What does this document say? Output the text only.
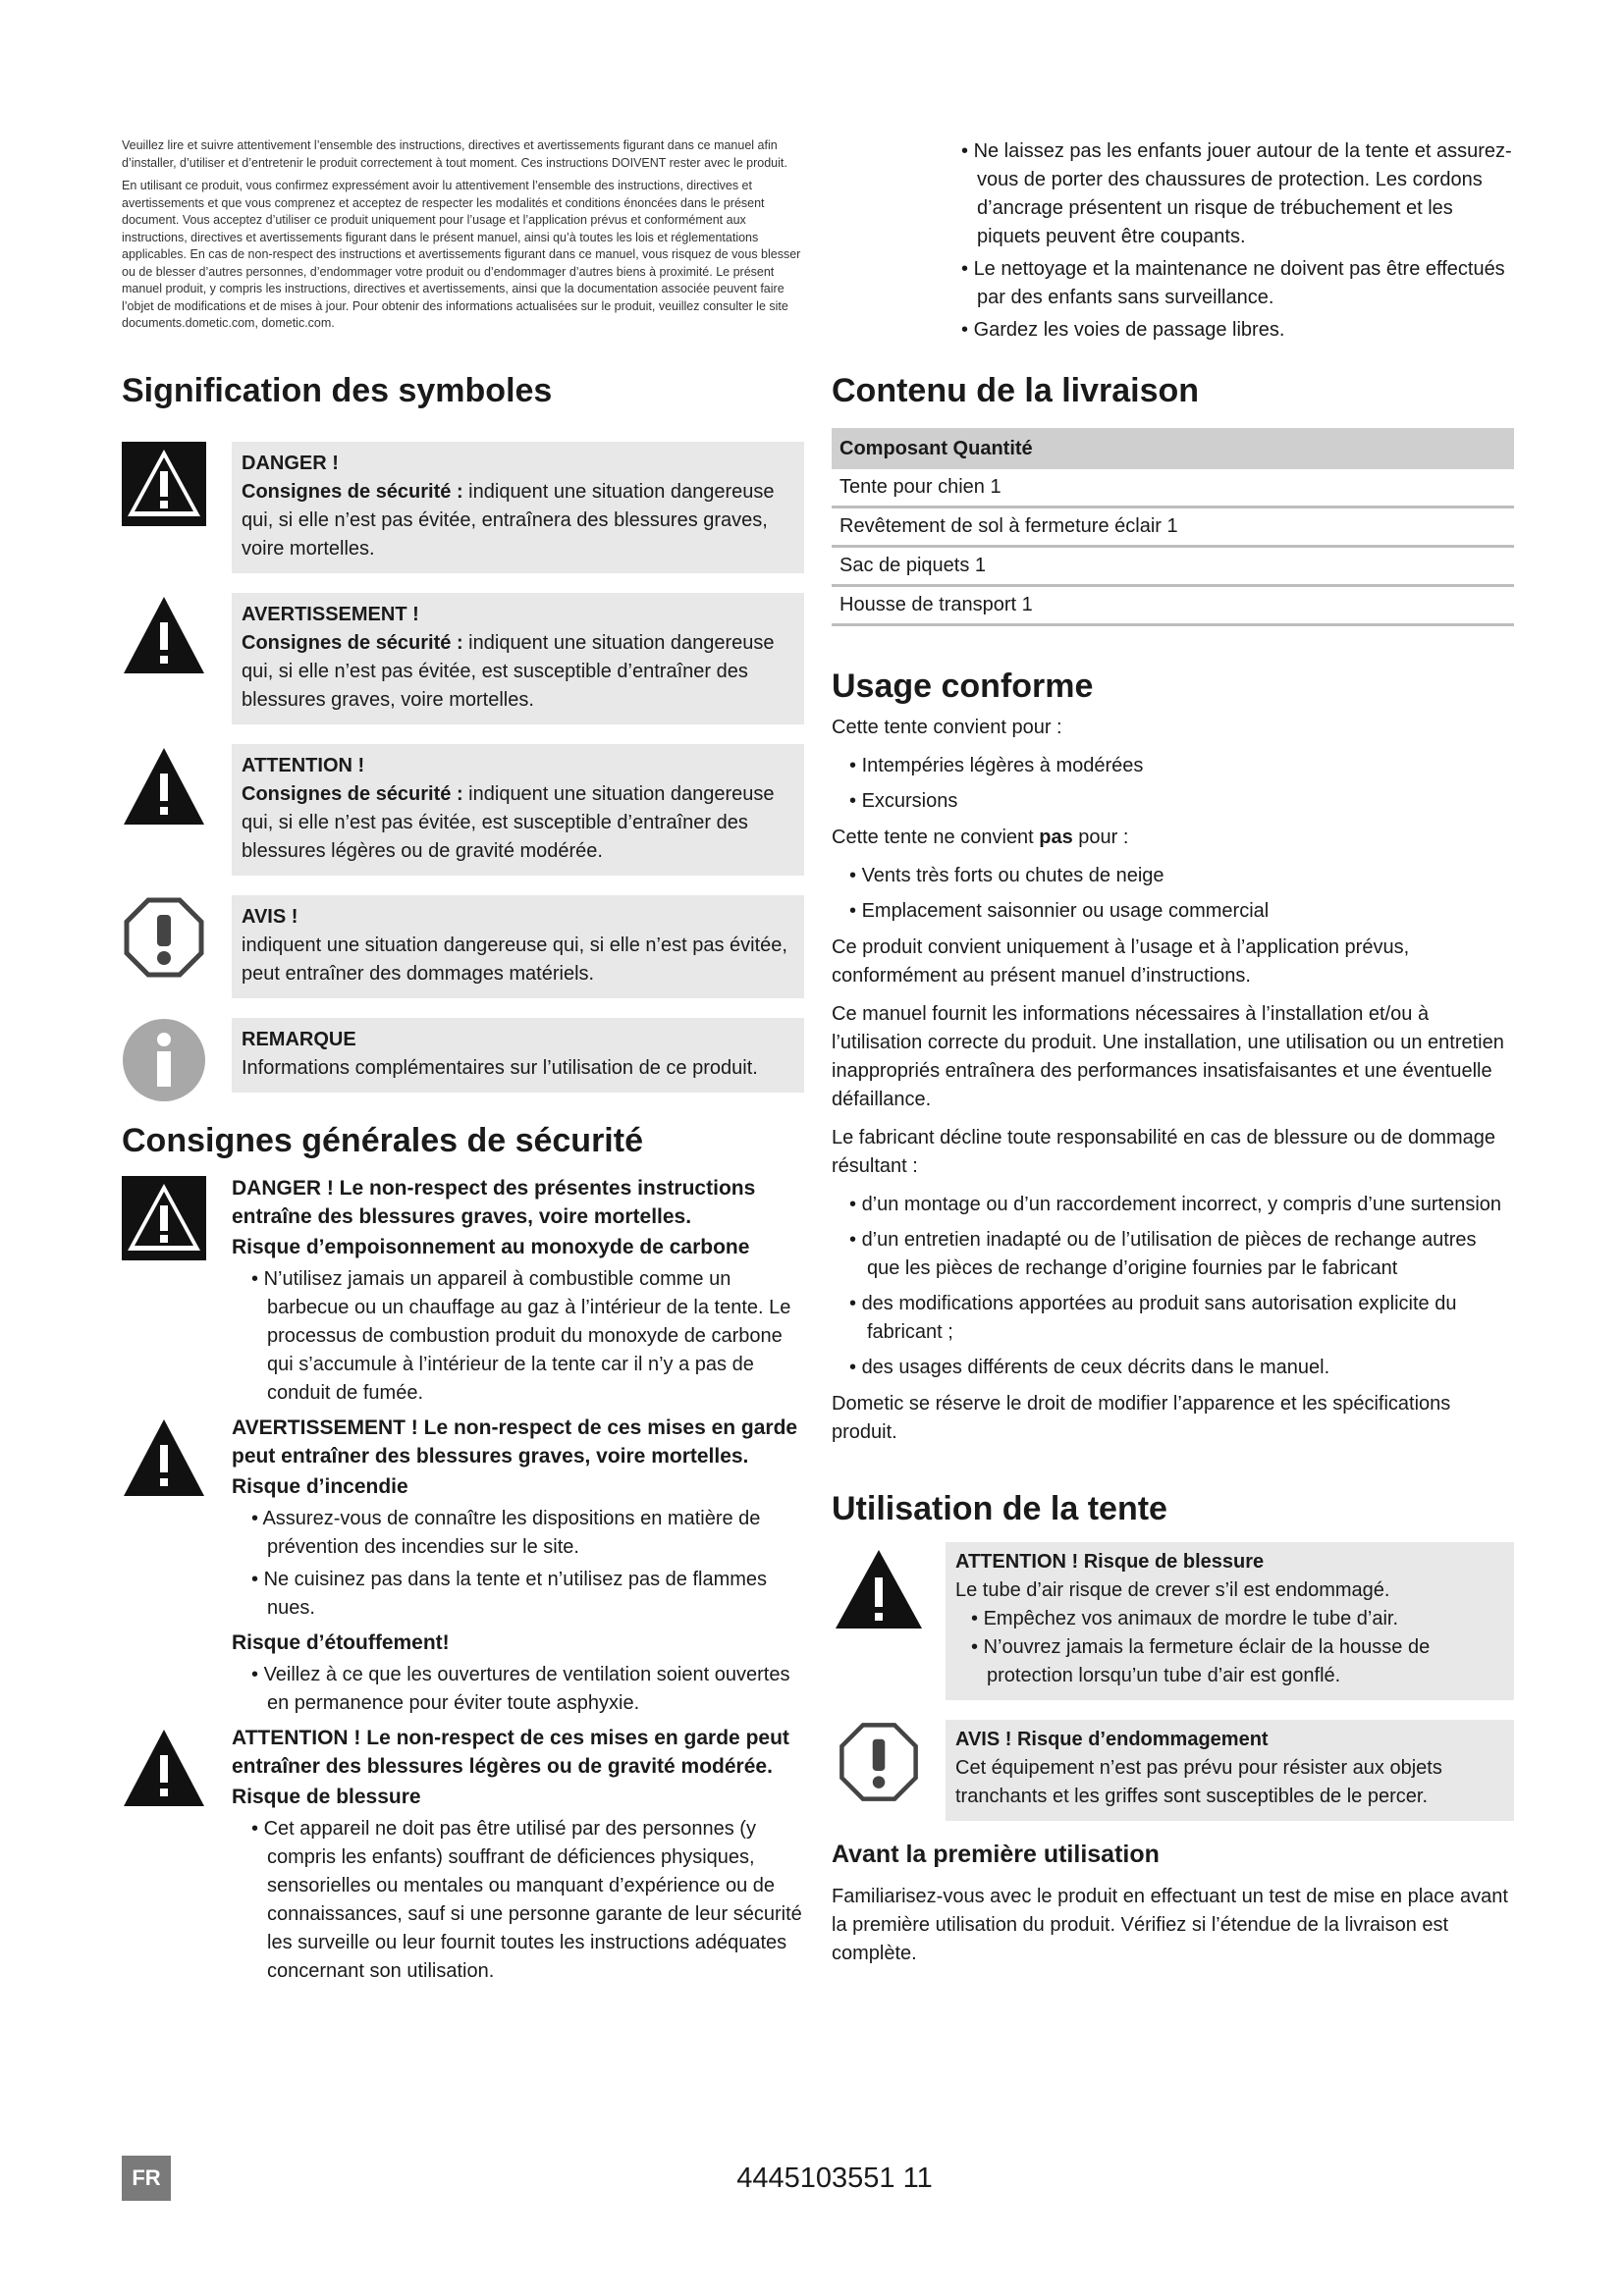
Veuillez lire et suivre attentivement l’ensemble des instructions, directives et avertissements figurant dans ce manuel afin d’installer, d’utiliser et d’entretenir le produit correctement à tout moment. Ces instructions DOIVENT rester avec le produit.

En utilisant ce produit, vous confirmez expressément avoir lu attentivement l’ensemble des instructions, directives et avertissements et que vous comprenez et acceptez de respecter les modalités et conditions énoncées dans le présent document. Vous acceptez d’utiliser ce produit uniquement pour l’usage et l’application prévus et conformément aux instructions, directives et avertissements figurant dans le présent manuel, ainsi qu’à toutes les lois et réglementations applicables. En cas de non-respect des instructions et avertissements figurant dans ce manuel, vous risquez de vous blesser ou de blesser d’autres personnes, d’endommager votre produit ou d’endommager d’autres biens à proximité. Le présent manuel produit, y compris les instructions, directives et avertissements, ainsi que la documentation associée peuvent faire l’objet de modifications et de mises à jour. Pour obtenir des informations actualisées sur le produit, veuillez consulter le site documents.dometic.com, dometic.com.

Signification des symboles
DANGER !
Consignes de sécurité : indiquent une situation dangereuse qui, si elle n’est pas évitée, entraînera des blessures graves, voire mortelles.
AVERTISSEMENT !
Consignes de sécurité : indiquent une situation dangereuse qui, si elle n’est pas évitée, est susceptible d’entraîner des blessures graves, voire mortelles.
ATTENTION !
Consignes de sécurité : indiquent une situation dangereuse qui, si elle n’est pas évitée, est susceptible d’entraîner des blessures légères ou de gravité modérée.
AVIS !
indiquent une situation dangereuse qui, si elle n’est pas évitée, peut entraîner des dommages matériels.
REMARQUE
Informations complémentaires sur l’utilisation de ce produit.
Consignes générales de sécurité
DANGER ! Le non-respect des présentes instructions entraîne des blessures graves, voire mortelles.
Risque d’empoisonnement au monoxyde de carbone
• N’utilisez jamais un appareil à combustible comme un barbecue ou un chauffage au gaz à l’intérieur de la tente. Le processus de combustion produit du monoxyde de carbone qui s’accumule à l’intérieur de la tente car il n’y a pas de conduit de fumée.
AVERTISSEMENT ! Le non-respect de ces mises en garde peut entraîner des blessures graves, voire mortelles.
Risque d’incendie
• Assurez-vous de connaître les dispositions en matière de prévention des incendies sur le site.
• Ne cuisinez pas dans la tente et n’utilisez pas de flammes nues.
Risque d’étouffement!
• Veillez à ce que les ouvertures de ventilation soient ouvertes en permanence pour éviter toute asphyxie.
ATTENTION ! Le non-respect de ces mises en garde peut entraîner des blessures légères ou de gravité modérée.
Risque de blessure
• Cet appareil ne doit pas être utilisé par des personnes (y compris les enfants) souffrant de déficiences physiques, sensorielles ou mentales ou manquant d’expérience ou de connaissances, sauf si une personne garante de leur sécurité les surveille ou leur fournit toutes les instructions adéquates concernant son utilisation.
• Ne laissez pas les enfants jouer autour de la tente et assurez-vous de porter des chaussures de protection. Les cordons d’ancrage présentent un risque de trébuchement et les piquets peuvent être coupants.
• Le nettoyage et la maintenance ne doivent pas être effectués par des enfants sans surveillance.
• Gardez les voies de passage libres.
Contenu de la livraison
Composant Quantité
Tente pour chien 1
Revêtement de sol à fermeture éclair 1
Sac de piquets 1
Housse de transport 1
Usage conforme

Cette tente convient pour :

• Intempéries légères à modérées
• Excursions

Cette tente ne convient pas pour :

• Vents très forts ou chutes de neige
• Emplacement saisonnier ou usage commercial

Ce produit convient uniquement à l’usage et à l’application prévus, conformément au présent manuel d’instructions.

Ce manuel fournit les informations nécessaires à l’installation et/ou à l’utilisation correcte du produit. Une installation, une utilisation ou un entretien inappropriés entraînera des performances insatisfaisantes et une éventuelle défaillance.

Le fabricant décline toute responsabilité en cas de blessure ou de dommage résultant :

• d’un montage ou d’un raccordement incorrect, y compris d’une surtension
• d’un entretien inadapté ou de l’utilisation de pièces de rechange autres que les pièces de rechange d’origine fournies par le fabricant
• des modifications apportées au produit sans autorisation explicite du fabricant ;
• des usages différents de ceux décrits dans le manuel.

Dometic se réserve le droit de modifier l’apparence et les spécifications produit.

Utilisation de la tente
ATTENTION ! Risque de blessure
Le tube d’air risque de crever s’il est endommagé.
• Empêchez vos animaux de mordre le tube d’air.
• N’ouvrez jamais la fermeture éclair de la housse de protection lorsqu’un tube d’air est gonflé.
AVIS ! Risque d’endommagement
Cet équipement n’est pas prévu pour résister aux objets tranchants et les griffes sont susceptibles de le percer.
Avant la première utilisation

Familiarisez-vous avec le produit en effectuant un test de mise en place avant la première utilisation du produit. Vérifiez si l’étendue de la livraison est complète.

FR	4445103551 11
